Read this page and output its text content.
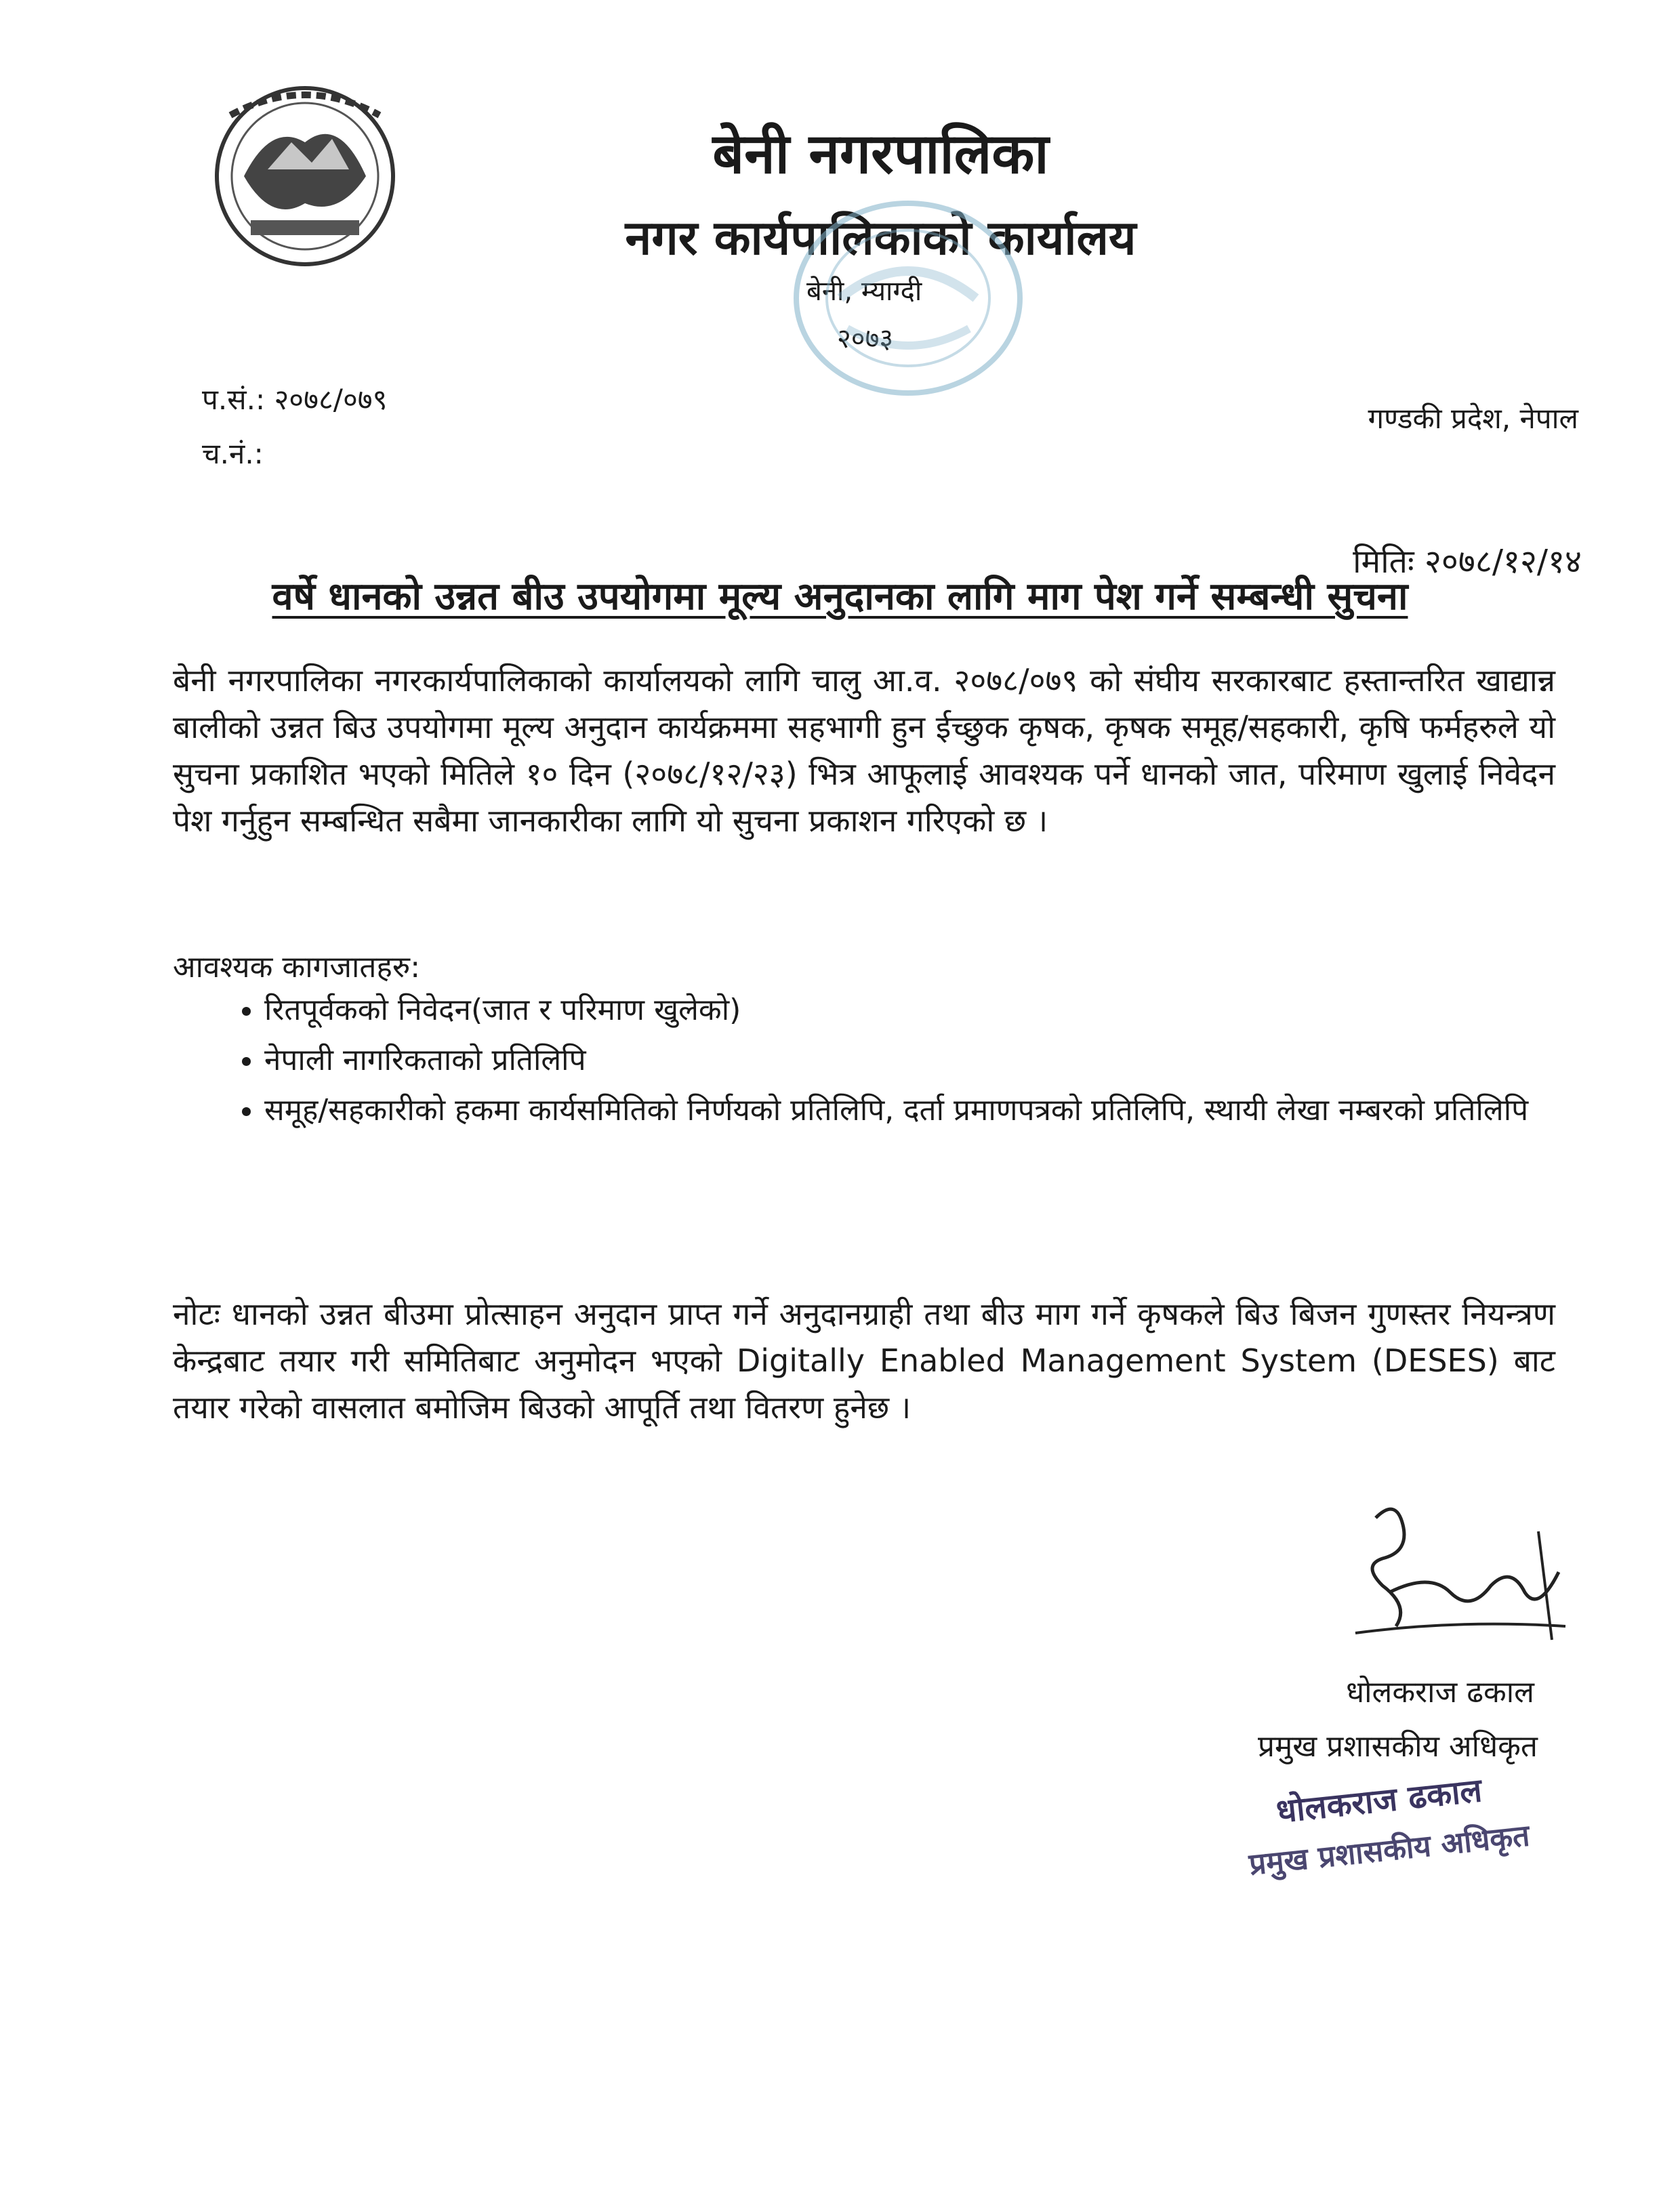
बेनी नगरपालिका
नगर कार्यपालिकाको कार्यालय
बेनी, म्याग्दी
२०७३
प.सं.: २०७८/०७९
च.नं.:
गण्डकी प्रदेश, नेपाल
मितिः २०७८/१२/१४
वर्षे धानको उन्नत बीउ उपयोगमा मूल्य अनुदानका लागि माग पेश गर्ने सम्बन्धी सुचना
बेनी नगरपालिका नगरकार्यपालिकाको कार्यालयको लागि चालु आ.व. २०७८/०७९ को संघीय सरकारबाट हस्तान्तरित खाद्यान्न बालीको उन्नत बिउ उपयोगमा मूल्य अनुदान कार्यक्रममा सहभागी हुन ईच्छुक कृषक, कृषक समूह/सहकारी, कृषि फर्महरुले यो सुचना प्रकाशित भएको मितिले १० दिन (२०७८/१२/२३) भित्र आफूलाई आवश्यक पर्ने धानको जात, परिमाण खुलाई निवेदन पेश गर्नुहुन सम्बन्धित सबैमा जानकारीका लागि यो सुचना प्रकाशन गरिएको छ ।
आवश्यक कागजातहरु:
• रितपूर्वकको निवेदन(जात र परिमाण खुलेको)
• नेपाली नागरिकताको प्रतिलिपि
• समूह/सहकारीको हकमा कार्यसमितिको निर्णयको प्रतिलिपि, दर्ता प्रमाणपत्रको प्रतिलिपि, स्थायी लेखा नम्बरको प्रतिलिपि
नोटः धानको उन्नत बीउमा प्रोत्साहन अनुदान प्राप्त गर्ने अनुदानग्राही तथा बीउ माग गर्ने कृषकले बिउ बिजन गुणस्तर नियन्त्रण केन्द्रबाट तयार गरी समितिबाट अनुमोदन भएको Digitally Enabled Management System (DESES) बाट तयार गरेको वासलात बमोजिम बिउको आपूर्ति तथा वितरण हुनेछ ।
धोलकराज ढकाल
प्रमुख प्रशासकीय अधिकृत
धोलकराज ढकाल
प्रमुख प्रशासकीय अधिकृत
